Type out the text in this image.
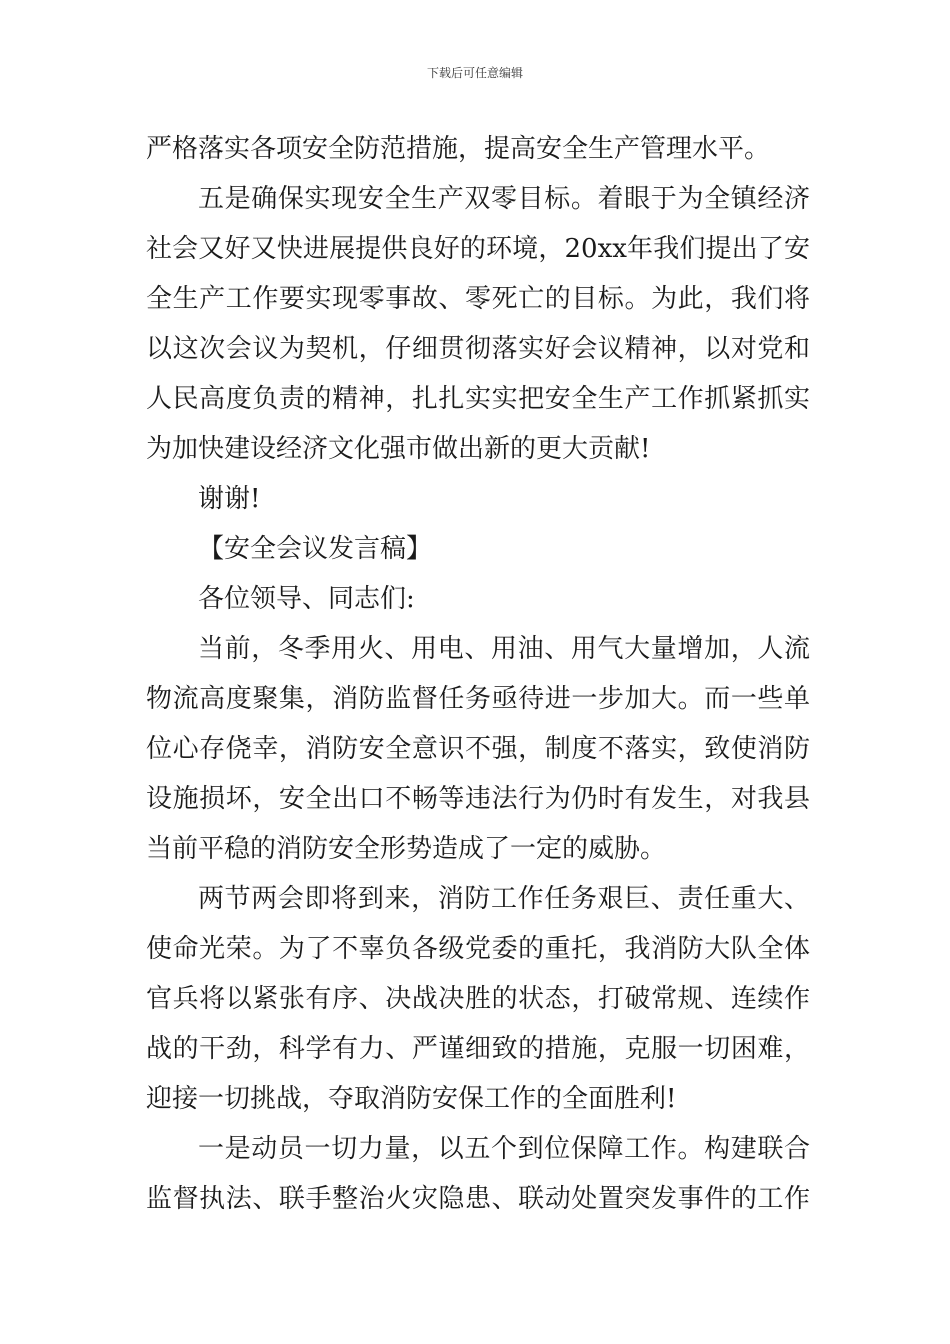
下载后可任意编辑
严格落实各项安全防范措施，提高安全生产管理水平。
五是确保实现安全生产双零目标。着眼于为全镇经济
社会又好又快进展提供良好的环境，20xx年我们提出了安
全生产工作要实现零事故、零死亡的目标。为此，我们将
以这次会议为契机，仔细贯彻落实好会议精神，以对党和
人民高度负责的精神，扎扎实实把安全生产工作抓紧抓实
为加快建设经济文化强市做出新的更大贡献!
谢谢!
【安全会议发言稿】
各位领导、同志们:
当前，冬季用火、用电、用油、用气大量增加，人流
物流高度聚集，消防监督任务亟待进一步加大。而一些单
位心存侥幸，消防安全意识不强，制度不落实，致使消防
设施损坏，安全出口不畅等违法行为仍时有发生，对我县
当前平稳的消防安全形势造成了一定的威胁。
两节两会即将到来，消防工作任务艰巨、责任重大、
使命光荣。为了不辜负各级党委的重托，我消防大队全体
官兵将以紧张有序、决战决胜的状态，打破常规、连续作
战的干劲，科学有力、严谨细致的措施，克服一切困难，
迎接一切挑战，夺取消防安保工作的全面胜利!
一是动员一切力量，以五个到位保障工作。构建联合
监督执法、联手整治火灾隐患、联动处置突发事件的工作
